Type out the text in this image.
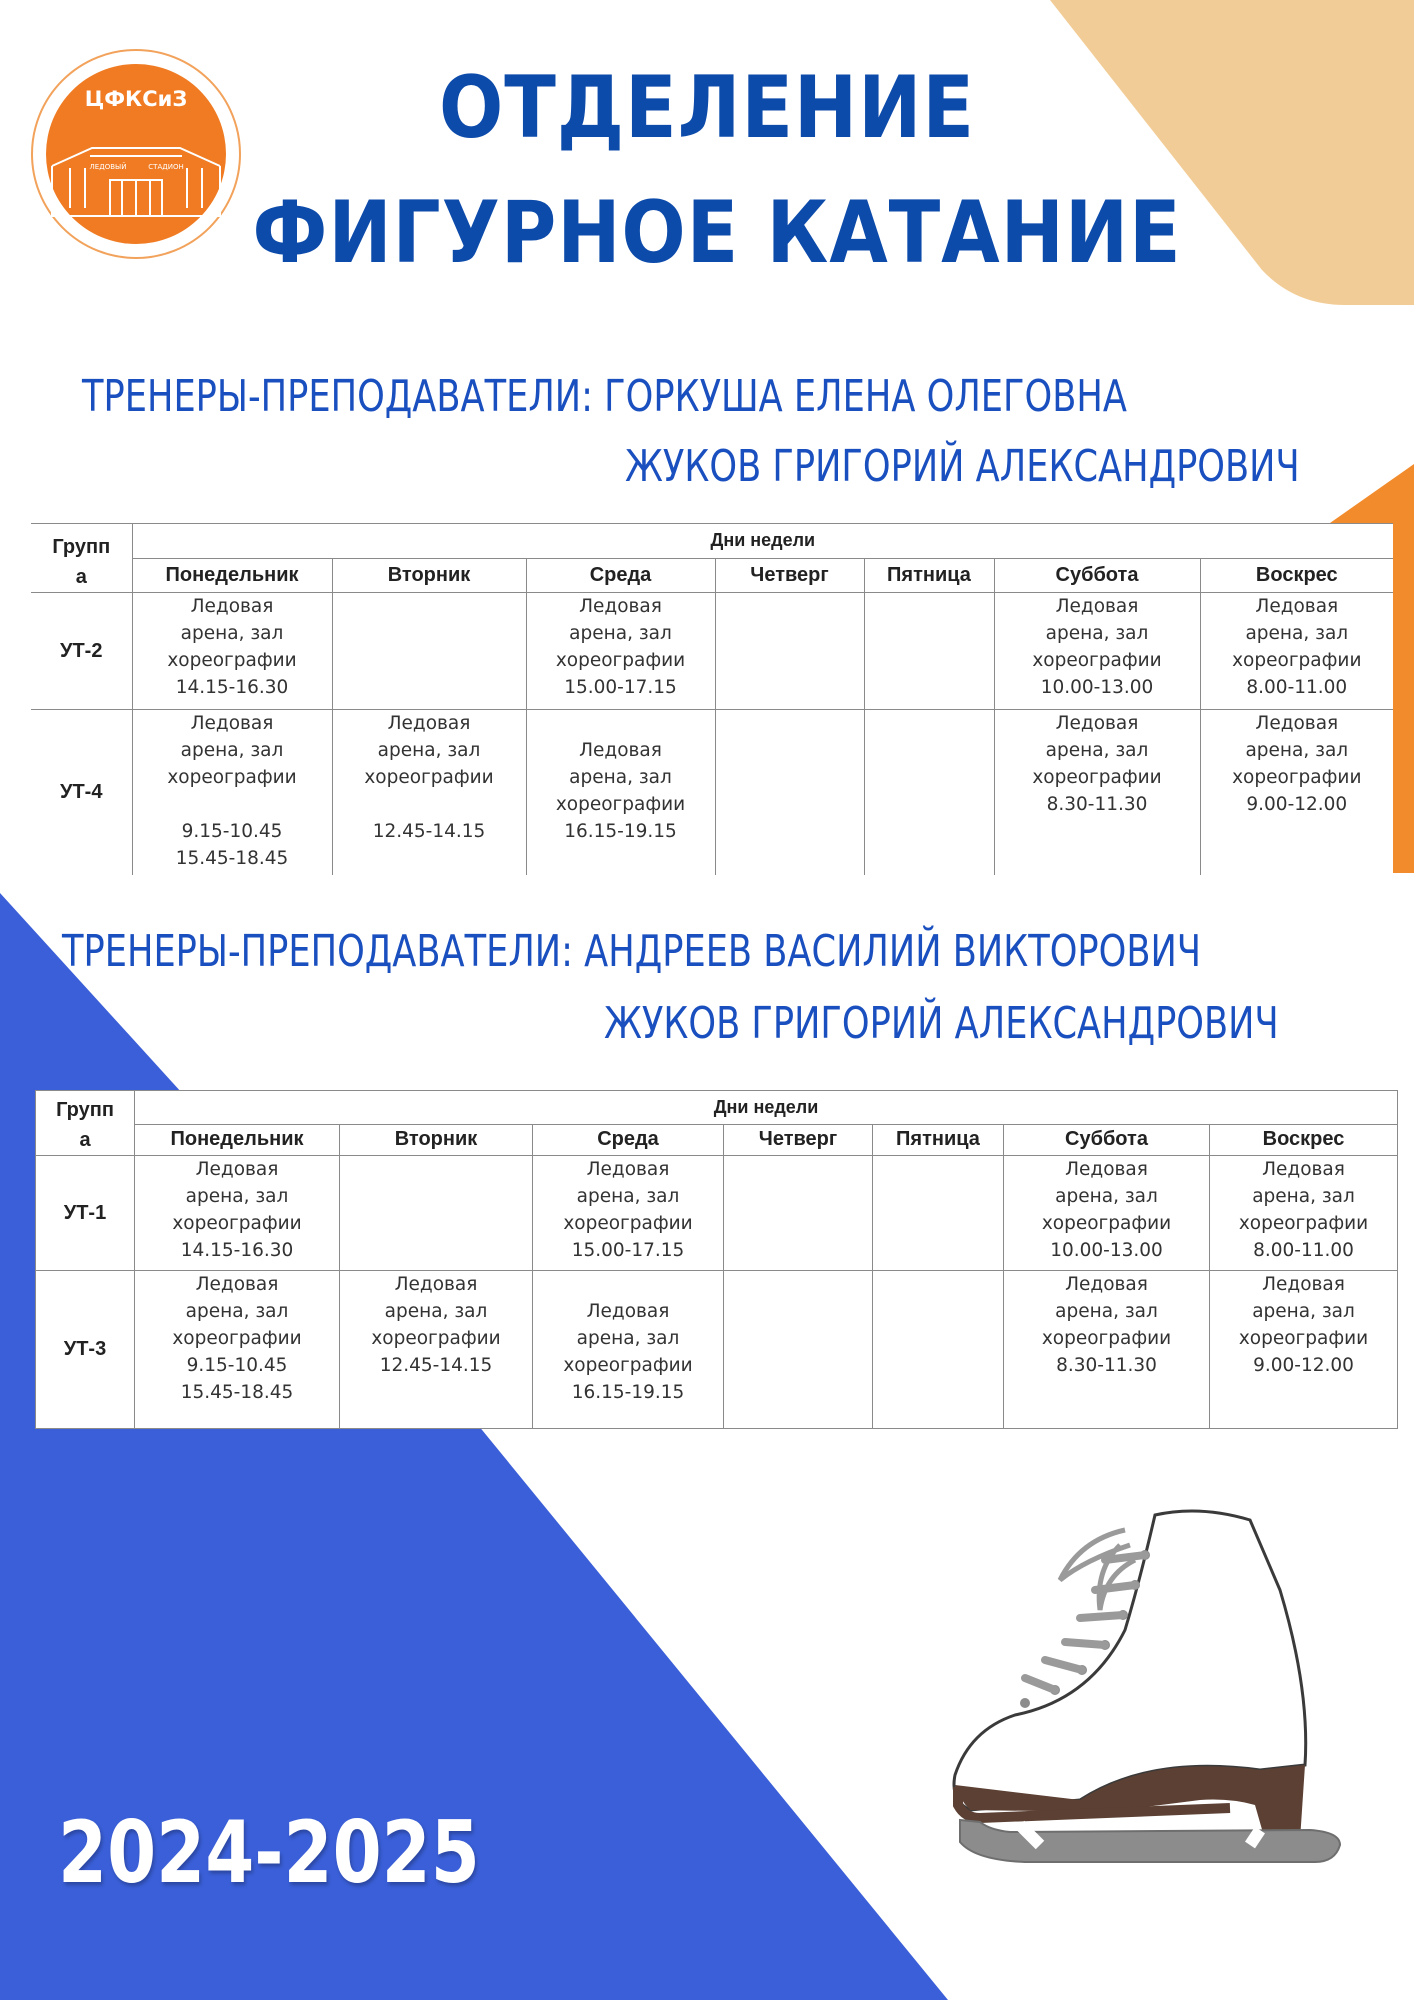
ЦФКСиЗ
ЛЕДОВЫЙ	СТАДИОН
ОТДЕЛЕНИЕ
ФИГУРНОЕ КАТАНИЕ
ТРЕНЕРЫ-ПРЕПОДАВАТЕЛИ: ГОРКУША ЕЛЕНА ОЛЕГОВНА
ЖУКОВ ГРИГОРИЙ АЛЕКСАНДРОВИЧ
Групп
а	Дни недели						
	Понедельник	Вторник	Среда	Четверг	Пятница	Суббота	Воскрес
УТ-2	Ледовая
арена, зал
хореографии
14.15-16.30		Ледовая
арена, зал
хореографии
15.00-17.15			Ледовая
арена, зал
хореографии
10.00-13.00	Ледовая
арена, зал
хореографии
8.00-11.00

УТ-4	Ледовая
арена, зал
хореографии

9.15-10.45
15.45-18.45	Ледовая
арена, зал
хореографии

12.45-14.15	Ледовая
арена, зал
хореографии
16.15-19.15			Ледовая
арена, зал
хореографии
8.30-11.30	Ледовая
арена, зал
хореографии
9.00-12.00
ТРЕНЕРЫ-ПРЕПОДАВАТЕЛИ: АНДРЕЕВ ВАСИЛИЙ ВИКТОРОВИЧ
ЖУКОВ ГРИГОРИЙ АЛЕКСАНДРОВИЧ
Групп
а	Дни недели						
	Понедельник	Вторник	Среда	Четверг	Пятница	Суббота	Воскрес
УТ-1	Ледовая
арена, зал
хореографии
14.15-16.30		Ледовая
арена, зал
хореографии
15.00-17.15			Ледовая
арена, зал
хореографии
10.00-13.00	Ледовая
арена, зал
хореографии
8.00-11.00

УТ-3	Ледовая
арена, зал
хореографии
9.15-10.45
15.45-18.45	Ледовая
арена, зал
хореографии
12.45-14.15	Ледовая
арена, зал
хореографии
16.15-19.15			Ледовая
арена, зал
хореографии
8.30-11.30	Ледовая
арена, зал
хореографии
9.00-12.00
2024-2025
